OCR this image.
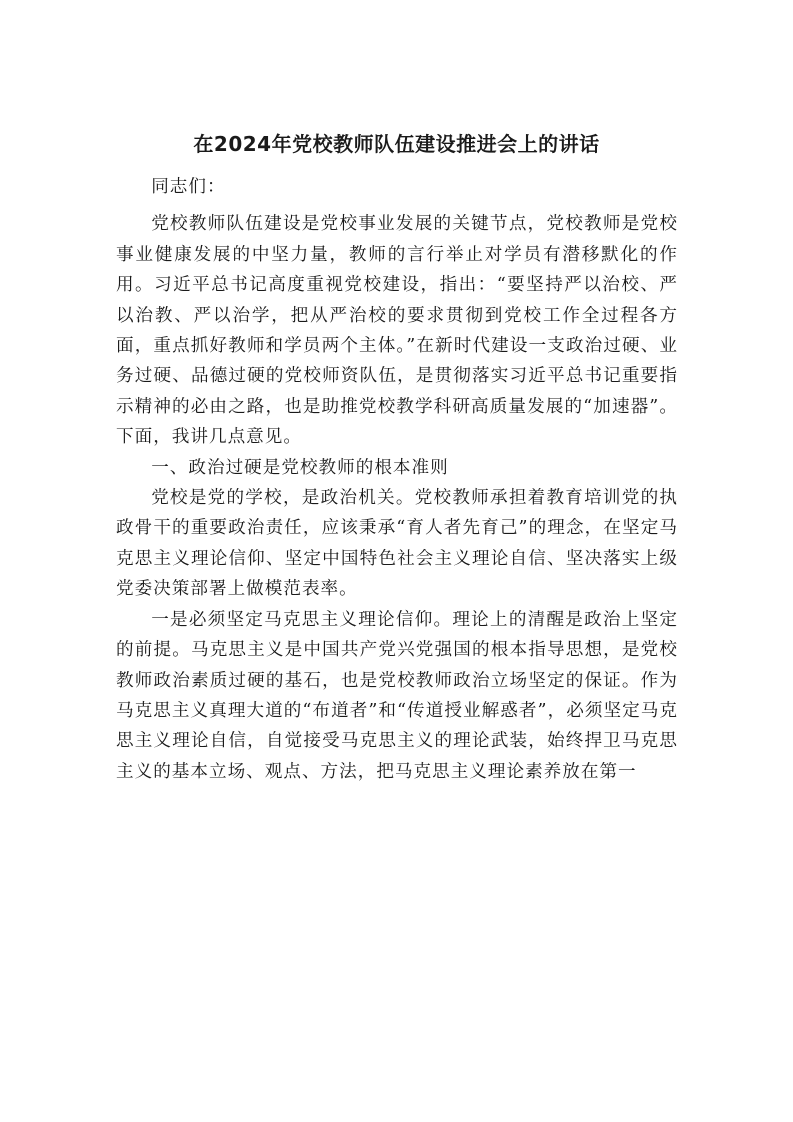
在2024年党校教师队伍建设推进会上的讲话

同志们：

党校教师队伍建设是党校事业发展的关键节点，党校教师是党校事业健康发展的中坚力量，教师的言行举止对学员有潜移默化的作用。习近平总书记高度重视党校建设，指出：“要坚持严以治校、严以治教、严以治学，把从严治校的要求贯彻到党校工作全过程各方面，重点抓好教师和学员两个主体。”在新时代建设一支政治过硬、业务过硬、品德过硬的党校师资队伍，是贯彻落实习近平总书记重要指示精神的必由之路，也是助推党校教学科研高质量发展的“加速器”。下面，我讲几点意见。

一、政治过硬是党校教师的根本准则

党校是党的学校，是政治机关。党校教师承担着教育培训党的执政骨干的重要政治责任，应该秉承“育人者先育己”的理念，在坚定马克思主义理论信仰、坚定中国特色社会主义理论自信、坚决落实上级党委决策部署上做模范表率。

一是必须坚定马克思主义理论信仰。理论上的清醒是政治上坚定的前提。马克思主义是中国共产党兴党强国的根本指导思想，是党校教师政治素质过硬的基石，也是党校教师政治立场坚定的保证。作为马克思主义真理大道的“布道者”和“传道授业解惑者”，必须坚定马克思主义理论自信，自觉接受马克思主义的理论武装，始终捍卫马克思主义的基本立场、观点、方法，把马克思主义理论素养放在第一
